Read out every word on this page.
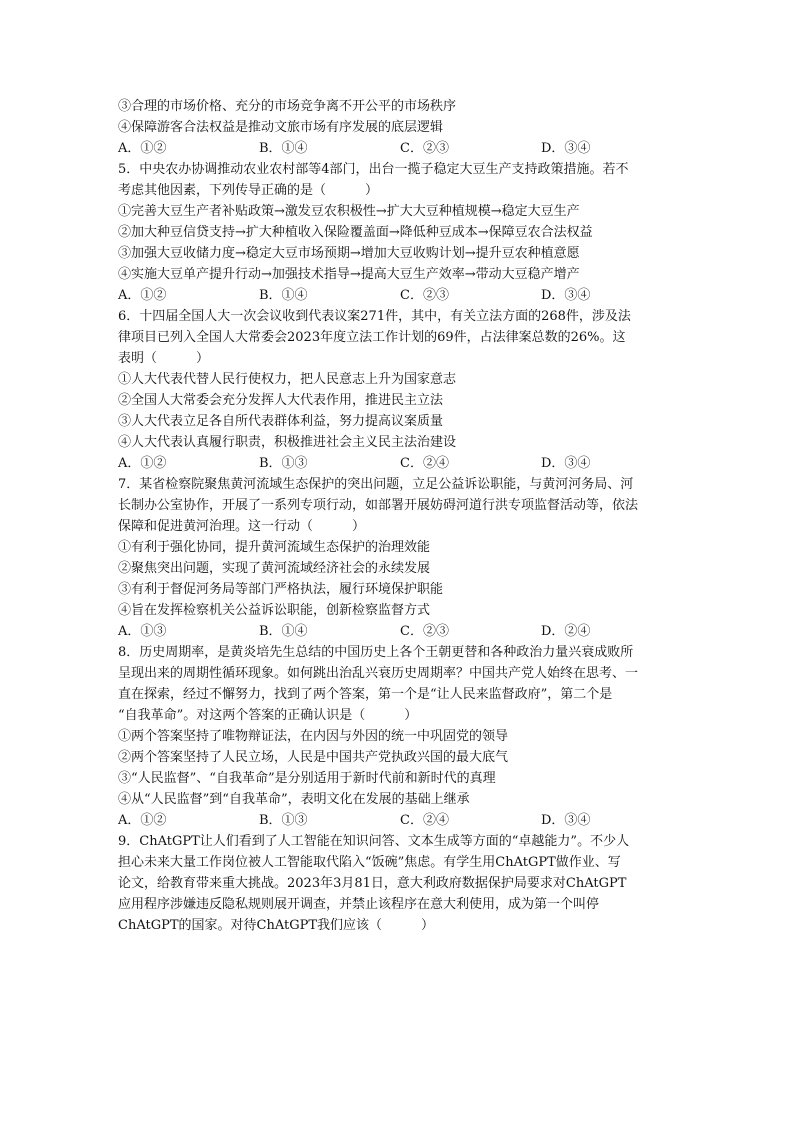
③合理的市场价格、充分的市场竞争离不开公平的市场秩序
④保障游客合法权益是推动文旅市场有序发展的底层逻辑
A．①②	B．①④	C．②③	D．③④
5．中央农办协调推动农业农村部等4部门，出台一揽子稳定大豆生产支持政策措施。若不
考虑其他因素，下列传导正确的是（　　　）
①完善大豆生产者补贴政策→激发豆农积极性→扩大大豆种植规模→稳定大豆生产
②加大种豆信贷支持→扩大种植收入保险覆盖面→降低种豆成本→保障豆农合法权益
③加强大豆收储力度→稳定大豆市场预期→增加大豆收购计划→提升豆农种植意愿
④实施大豆单产提升行动→加强技术指导→提高大豆生产效率→带动大豆稳产增产
A．①②	B．①④	C．②③	D．③④
6．十四届全国人大一次会议收到代表议案271件，其中，有关立法方面的268件，涉及法
律项目已列入全国人大常委会2023年度立法工作计划的69件，占法律案总数的26%。这
表明（　　　）
①人大代表代替人民行使权力，把人民意志上升为国家意志
②全国人大常委会充分发挥人大代表作用，推进民主立法
③人大代表立足各自所代表群体利益，努力提高议案质量
④人大代表认真履行职责，积极推进社会主义民主法治建设
A．①②	B．①③	C．②④	D．③④
7．某省检察院聚焦黄河流域生态保护的突出问题，立足公益诉讼职能，与黄河河务局、河
长制办公室协作，开展了一系列专项行动，如部署开展妨碍河道行洪专项监督活动等，依法
保障和促进黄河治理。这一行动（　　　）
①有利于强化协同，提升黄河流域生态保护的治理效能
②聚焦突出问题，实现了黄河流域经济社会的永续发展
③有利于督促河务局等部门严格执法，履行环境保护职能
④旨在发挥检察机关公益诉讼职能，创新检察监督方式
A．①③	B．①④	C．②③	D．②④
8．历史周期率，是黄炎培先生总结的中国历史上各个王朝更替和各种政治力量兴衰成败所
呈现出来的周期性循环现象。如何跳出治乱兴衰历史周期率？中国共产党人始终在思考、一
直在探索，经过不懈努力，找到了两个答案，第一个是“让人民来监督政府”，第二个是
“自我革命”。对这两个答案的正确认识是（　　　）
①两个答案坚持了唯物辩证法，在内因与外因的统一中巩固党的领导
②两个答案坚持了人民立场，人民是中国共产党执政兴国的最大底气
③“人民监督”、“自我革命”是分别适用于新时代前和新时代的真理
④从“人民监督”到“自我革命”，表明文化在发展的基础上继承
A．①②	B．①③	C．②④	D．③④
9．ChAtGPT让人们看到了人工智能在知识问答、文本生成等方面的“卓越能力”。不少人
担心未来大量工作岗位被人工智能取代陷入“饭碗”焦虑。有学生用ChAtGPT做作业、写
论文，给教育带来重大挑战。2023年3月81日，意大利政府数据保护局要求对ChAtGPT
应用程序涉嫌违反隐私规则展开调查，并禁止该程序在意大利使用，成为第一个叫停
ChAtGPT的国家。对待ChAtGPT我们应该（　　　）
